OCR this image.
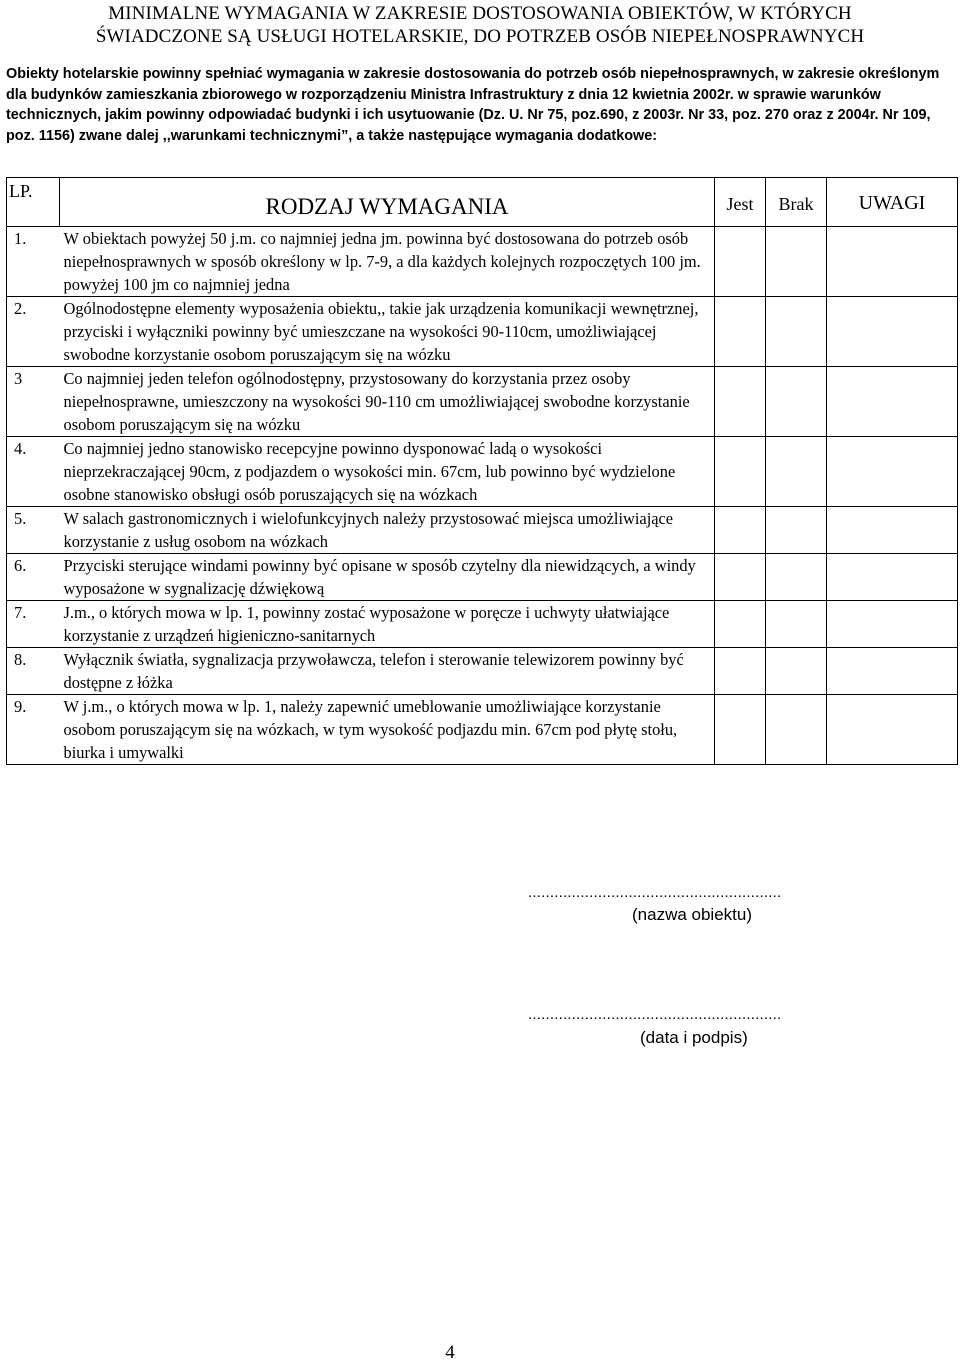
MINIMALNE WYMAGANIA W ZAKRESIE DOSTOSOWANIA OBIEKTÓW, W KTÓRYCH
ŚWIADCZONE SĄ USŁUGI HOTELARSKIE, DO POTRZEB OSÓB NIEPEŁNOSPRAWNYCH
Obiekty hotelarskie powinny spełniać wymagania w zakresie dostosowania do potrzeb osób niepełnosprawnych, w zakresie określonym dla budynków zamieszkania zbiorowego w rozporządzeniu Ministra Infrastruktury z dnia 12 kwietnia 2002r. w sprawie warunków technicznych, jakim powinny odpowiadać budynki i ich usytuowanie (Dz. U. Nr 75, poz.690, z 2003r. Nr 33, poz. 270 oraz z 2004r. Nr 109, poz. 1156) zwane dalej ,,warunkami technicznymi”, a także następujące wymagania dodatkowe:
LP.	RODZAJ WYMAGANIA	Jest	Brak	UWAGI
1.	W obiektach powyżej 50 j.m. co najmniej jedna jm. powinna być dostosowana do potrzeb osób niepełnosprawnych w sposób określony w lp. 7-9, a dla każdych kolejnych rozpoczętych 100 jm. powyżej 100 jm co najmniej jedna			
2.	Ogólnodostępne elementy wyposażenia obiektu,, takie jak urządzenia komunikacji wewnętrznej, przyciski i wyłączniki powinny być umieszczane na wysokości 90-110cm, umożliwiającej swobodne korzystanie osobom poruszającym się na wózku			
3	Co najmniej jeden telefon ogólnodostępny, przystosowany do korzystania przez osoby niepełnosprawne, umieszczony na wysokości 90-110 cm umożliwiającej swobodne korzystanie osobom poruszającym się na wózku			
4.	Co najmniej jedno stanowisko recepcyjne powinno dysponować ladą o wysokości nieprzekraczającej 90cm, z podjazdem o wysokości min. 67cm, lub powinno być wydzielone osobne stanowisko obsługi osób poruszających się na wózkach			
5.	W salach gastronomicznych i wielofunkcyjnych należy przystosować miejsca umożliwiające korzystanie z usług osobom na wózkach			
6.	Przyciski sterujące windami powinny być opisane w sposób czytelny dla niewidzących, a windy wyposażone w sygnalizację dźwiękową			
7.	J.m., o których mowa w lp. 1, powinny zostać wyposażone w poręcze i uchwyty ułatwiające korzystanie z urządzeń higieniczno-sanitarnych			
8.	Wyłącznik światła, sygnalizacja przywoławcza, telefon i sterowanie telewizorem powinny być dostępne z łóżka			
9.	W j.m., o których mowa w lp. 1, należy zapewnić umeblowanie umożliwiające korzystanie osobom poruszającym się na wózkach, w tym wysokość podjazdu min. 67cm pod płytę stołu, biurka i umywalki			
..........................................................
(nazwa obiektu)
..........................................................
(data i podpis)
4
